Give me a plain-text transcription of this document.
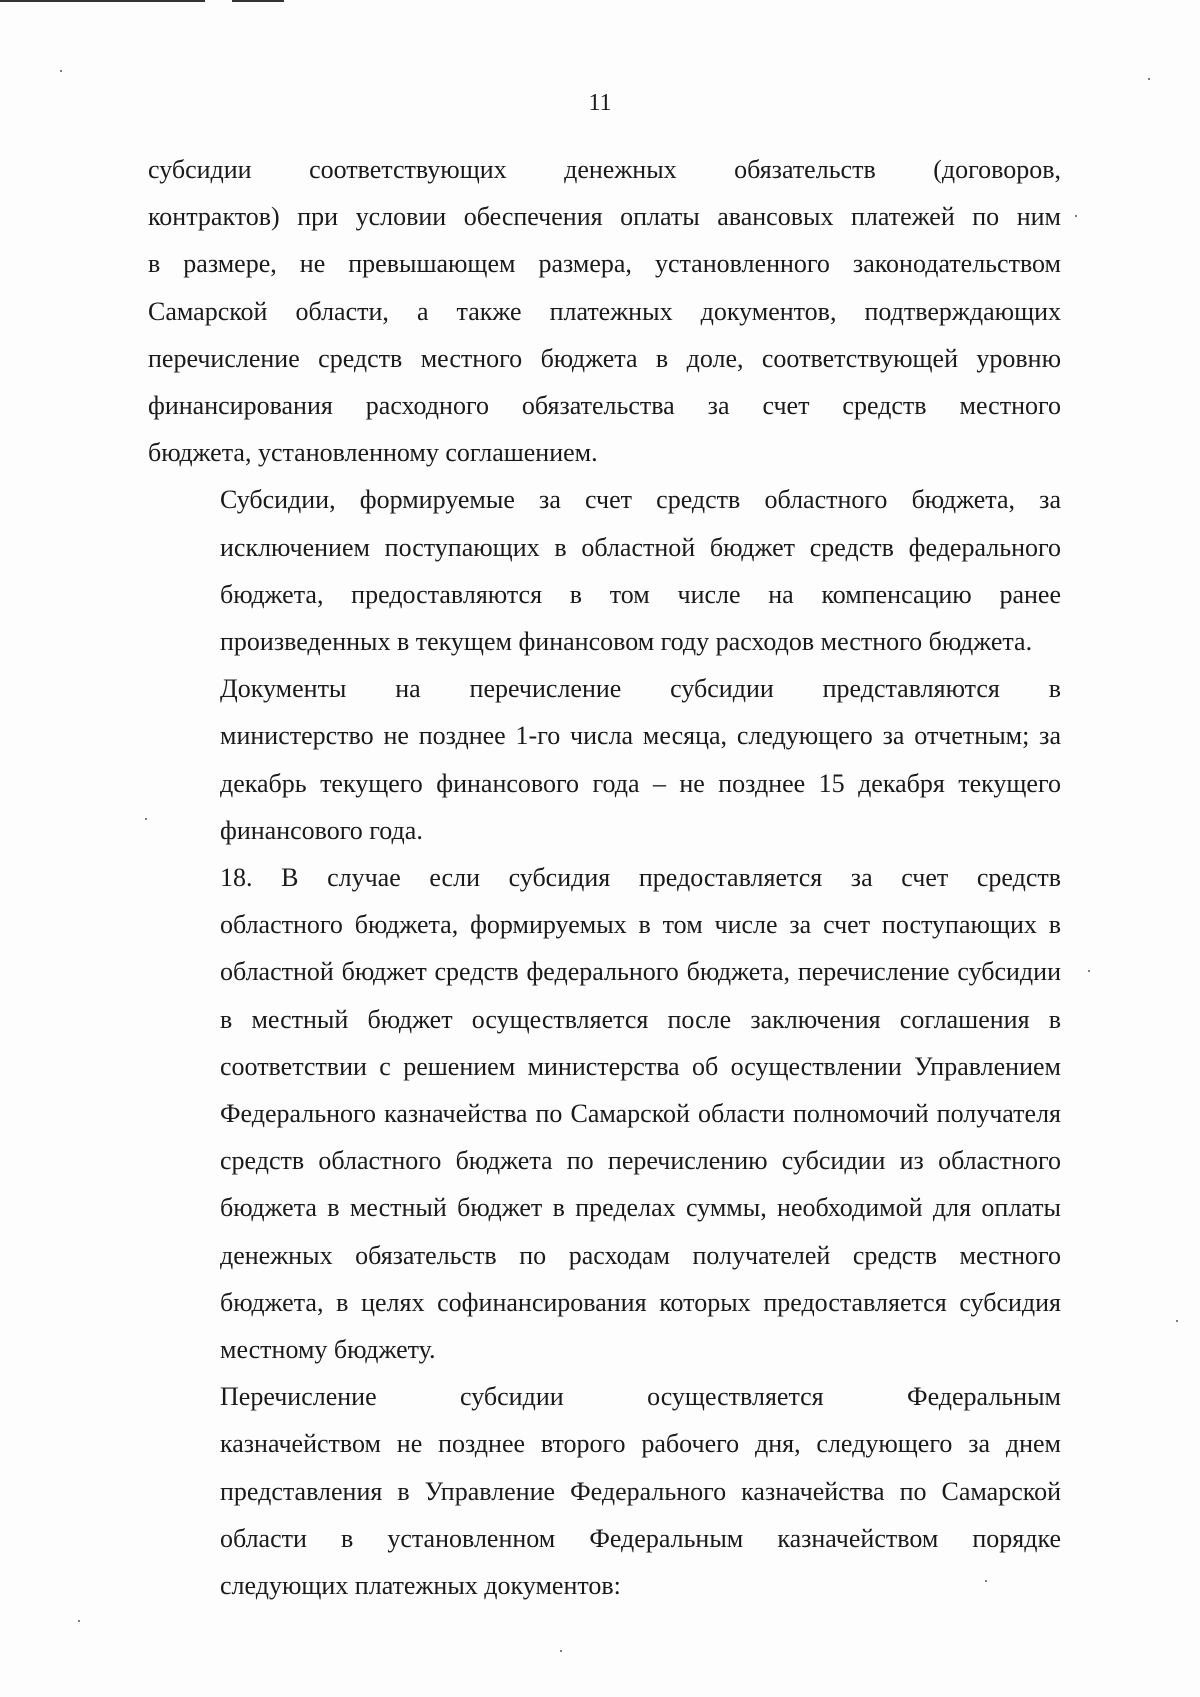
11

субсидии соответствующих денежных обязательств (договоров,
контрактов) при условии обеспечения оплаты авансовых платежей по ним
в размере, не превышающем размера, установленного законодательством
Самарской области, а также платежных документов, подтверждающих
перечисление средств местного бюджета в доле, соответствующей уровню
финансирования расходного обязательства за счет средств местного
бюджета, установленному соглашением.

Субсидии, формируемые за счет средств областного бюджета, за
исключением поступающих в областной бюджет средств федерального
бюджета, предоставляются в том числе на компенсацию ранее
произведенных в текущем финансовом году расходов местного бюджета.

Документы на перечисление субсидии представляются в
министерство не позднее 1-го числа месяца, следующего за отчетным; за
декабрь текущего финансового года – не позднее 15 декабря текущего
финансового года.

18. В случае если субсидия предоставляется за счет средств
областного бюджета, формируемых в том числе за счет поступающих в
областной бюджет средств федерального бюджета, перечисление субсидии
в местный бюджет осуществляется после заключения соглашения в
соответствии с решением министерства об осуществлении Управлением
Федерального казначейства по Самарской области полномочий получателя
средств областного бюджета по перечислению субсидии из областного
бюджета в местный бюджет в пределах суммы, необходимой для оплаты
денежных обязательств по расходам получателей средств местного
бюджета, в целях софинансирования которых предоставляется субсидия
местному бюджету.

Перечисление субсидии осуществляется Федеральным
казначейством не позднее второго рабочего дня, следующего за днем
представления в Управление Федерального казначейства по Самарской
области в установленном Федеральным казначейством порядке
следующих платежных документов:
